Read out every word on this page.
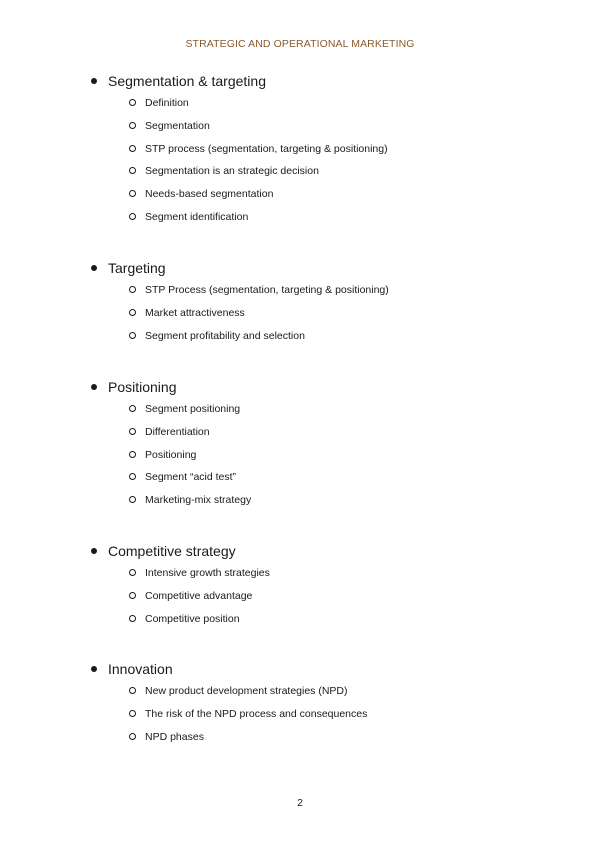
STRATEGIC AND OPERATIONAL MARKETING
Segmentation & targeting
Definition
Segmentation
STP process (segmentation, targeting & positioning)
Segmentation is an strategic decision
Needs-based segmentation
Segment identification
Targeting
STP Process (segmentation, targeting & positioning)
Market attractiveness
Segment profitability and selection
Positioning
Segment positioning
Differentiation
Positioning
Segment “acid test”
Marketing-mix strategy
Competitive strategy
Intensive growth strategies
Competitive advantage
Competitive position
Innovation
New product development strategies (NPD)
The risk of the NPD process and consequences
NPD phases
2
